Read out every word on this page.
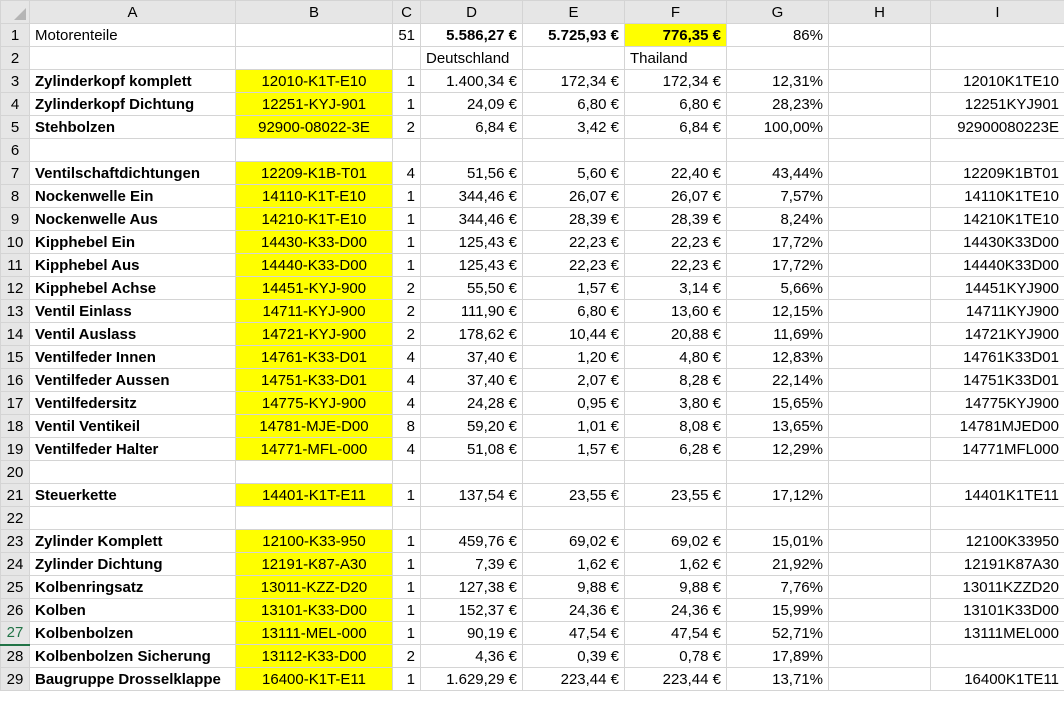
	A	B	C	D	E	F	G	H	I
1	Motorenteile		51	5.586,27 €	5.725,93 €	776,35 €	86%		
2				Deutschland		Thailand			
3	Zylinderkopf komplett	12010-K1T-E10	1	1.400,34 €	172,34 €	172,34 €	12,31%		12010K1TE10
4	Zylinderkopf Dichtung	12251-KYJ-901	1	24,09 €	6,80 €	6,80 €	28,23%		12251KYJ901
5	Stehbolzen	92900-08022-3E	2	6,84 €	3,42 €	6,84 €	100,00%		92900080223E
6									
7	Ventilschaftdichtungen	12209-K1B-T01	4	51,56 €	5,60 €	22,40 €	43,44%		12209K1BT01
8	Nockenwelle Ein	14110-K1T-E10	1	344,46 €	26,07 €	26,07 €	7,57%		14110K1TE10
9	Nockenwelle Aus	14210-K1T-E10	1	344,46 €	28,39 €	28,39 €	8,24%		14210K1TE10
10	Kipphebel Ein	14430-K33-D00	1	125,43 €	22,23 €	22,23 €	17,72%		14430K33D00
11	Kipphebel Aus	14440-K33-D00	1	125,43 €	22,23 €	22,23 €	17,72%		14440K33D00
12	Kipphebel Achse	14451-KYJ-900	2	55,50 €	1,57 €	3,14 €	5,66%		14451KYJ900
13	Ventil Einlass	14711-KYJ-900	2	111,90 €	6,80 €	13,60 €	12,15%		14711KYJ900
14	Ventil Auslass	14721-KYJ-900	2	178,62 €	10,44 €	20,88 €	11,69%		14721KYJ900
15	Ventilfeder Innen	14761-K33-D01	4	37,40 €	1,20 €	4,80 €	12,83%		14761K33D01
16	Ventilfeder Aussen	14751-K33-D01	4	37,40 €	2,07 €	8,28 €	22,14%		14751K33D01
17	Ventilfedersitz	14775-KYJ-900	4	24,28 €	0,95 €	3,80 €	15,65%		14775KYJ900
18	Ventil Ventikeil	14781-MJE-D00	8	59,20 €	1,01 €	8,08 €	13,65%		14781MJED00
19	Ventilfeder Halter	14771-MFL-000	4	51,08 €	1,57 €	6,28 €	12,29%		14771MFL000
20									
21	Steuerkette	14401-K1T-E11	1	137,54 €	23,55 €	23,55 €	17,12%		14401K1TE11
22									
23	Zylinder Komplett	12100-K33-950	1	459,76 €	69,02 €	69,02 €	15,01%		12100K33950
24	Zylinder Dichtung	12191-K87-A30	1	7,39 €	1,62 €	1,62 €	21,92%		12191K87A30
25	Kolbenringsatz	13011-KZZ-D20	1	127,38 €	9,88 €	9,88 €	7,76%		13011KZZD20
26	Kolben	13101-K33-D00	1	152,37 €	24,36 €	24,36 €	15,99%		13101K33D00
27	Kolbenbolzen	13111-MEL-000	1	90,19 €	47,54 €	47,54 €	52,71%		13111MEL000
28	Kolbenbolzen Sicherung	13112-K33-D00	2	4,36 €	0,39 €	0,78 €	17,89%		
29	Baugruppe Drosselklappe	16400-K1T-E11	1	1.629,29 €	223,44 €	223,44 €	13,71%		16400K1TE11
